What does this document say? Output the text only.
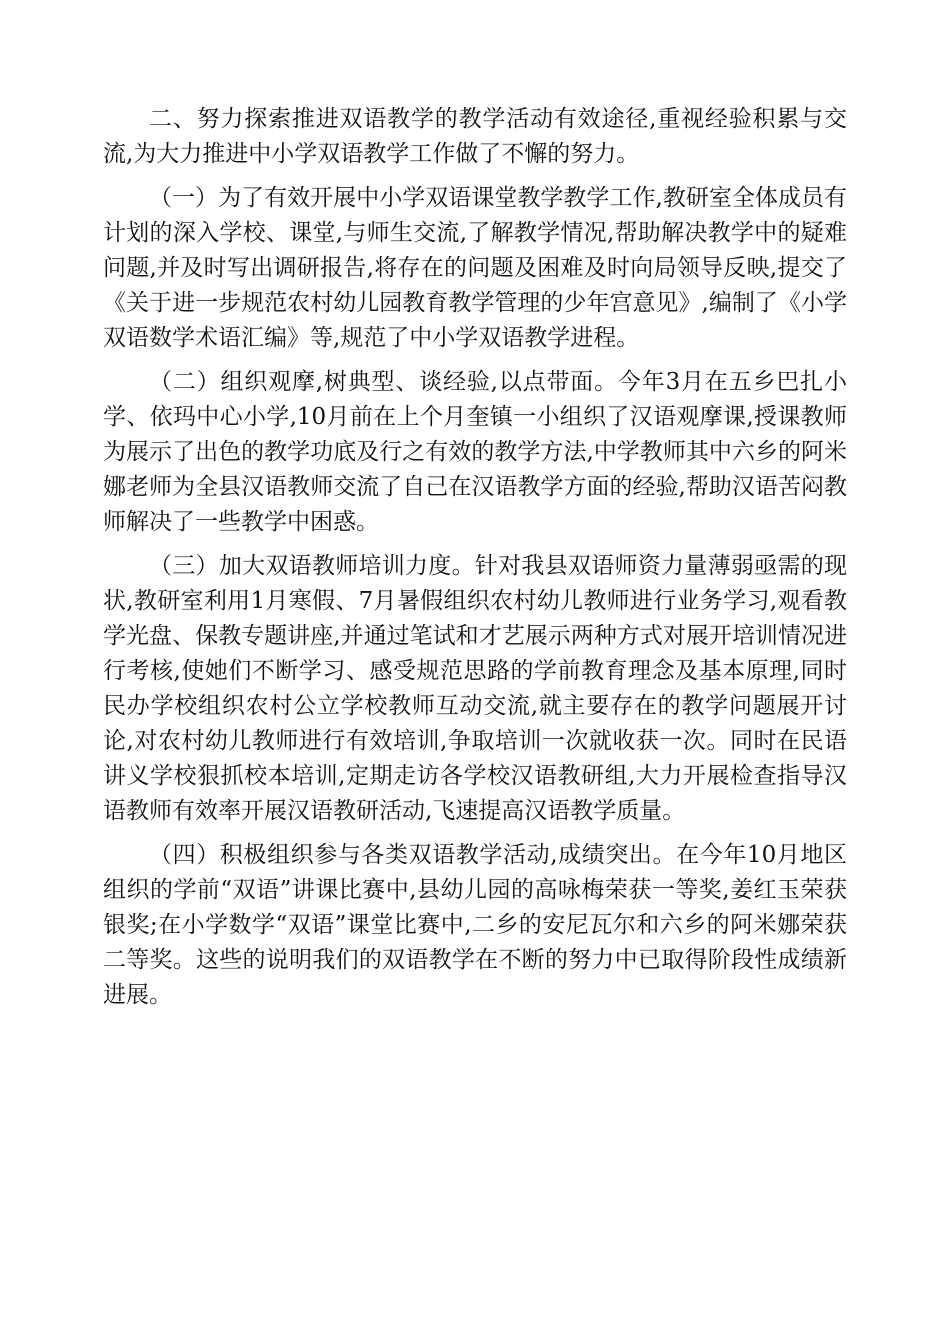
二、努力探索推进双语教学的教学活动有效途径,重视经验积累与交流,为大力推进中小学双语教学工作做了不懈的努力。

（一）为了有效开展中小学双语课堂教学教学工作,教研室全体成员有计划的深入学校、课堂,与师生交流,了解教学情况,帮助解决教学中的疑难问题,并及时写出调研报告,将存在的问题及困难及时向局领导反映,提交了《关于进一步规范农村幼儿园教育教学管理的少年宫意见》,编制了《小学双语数学术语汇编》等,规范了中小学双语教学进程。

（二）组织观摩,树典型、谈经验,以点带面。今年3月在五乡巴扎小学、依玛中心小学,10月前在上个月奎镇一小组织了汉语观摩课,授课教师为展示了出色的教学功底及行之有效的教学方法,中学教师其中六乡的阿米娜老师为全县汉语教师交流了自己在汉语教学方面的经验,帮助汉语苦闷教师解决了一些教学中困惑。

（三）加大双语教师培训力度。针对我县双语师资力量薄弱亟需的现状,教研室利用1月寒假、7月暑假组织农村幼儿教师进行业务学习,观看教学光盘、保教专题讲座,并通过笔试和才艺展示两种方式对展开培训情况进行考核,使她们不断学习、感受规范思路的学前教育理念及基本原理,同时民办学校组织农村公立学校教师互动交流,就主要存在的教学问题展开讨论,对农村幼儿教师进行有效培训,争取培训一次就收获一次。同时在民语讲义学校狠抓校本培训,定期走访各学校汉语教研组,大力开展检查指导汉语教师有效率开展汉语教研活动,飞速提高汉语教学质量。

（四）积极组织参与各类双语教学活动,成绩突出。在今年10月地区组织的学前“双语”讲课比赛中,县幼儿园的高咏梅荣获一等奖,姜红玉荣获银奖;在小学数学“双语”课堂比赛中,二乡的安尼瓦尔和六乡的阿米娜荣获二等奖。这些的说明我们的双语教学在不断的努力中已取得阶段性成绩新进展。
